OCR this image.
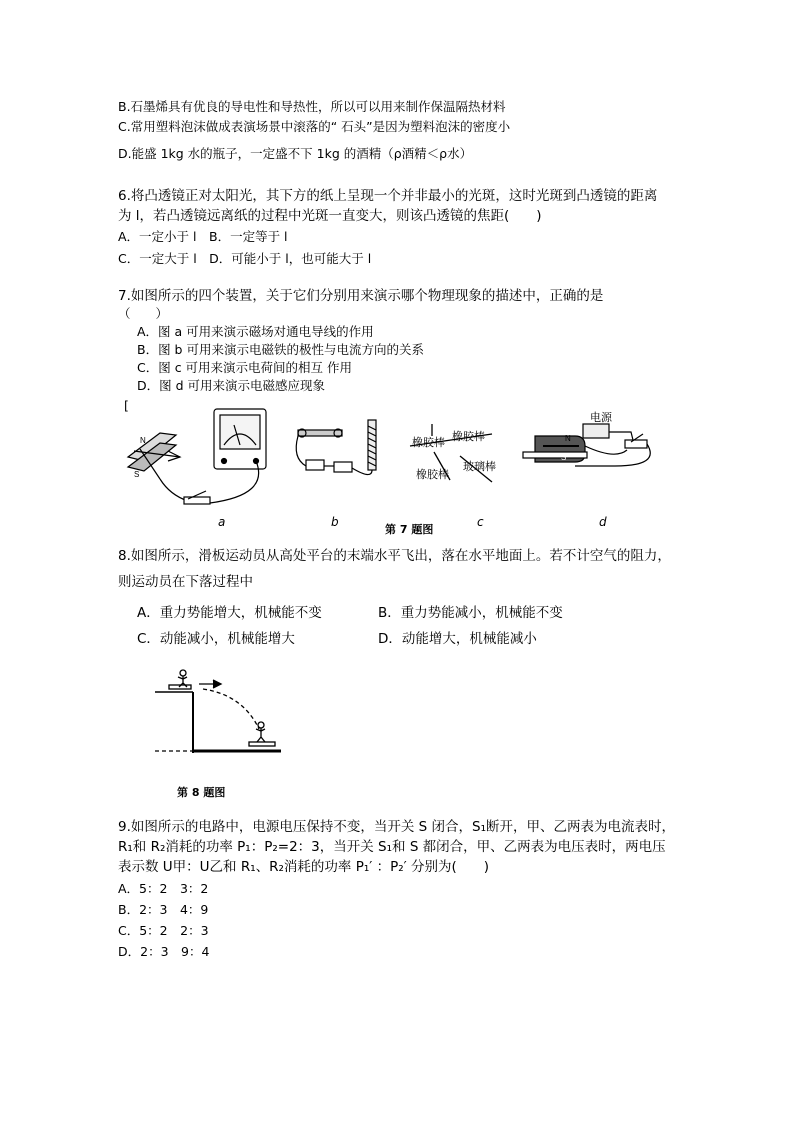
B.石墨烯具有优良的导电性和导热性，所以可以用来制作保温隔热材料
C.常用塑料泡沫做成表演场景中滚落的“ 石头”是因为塑料泡沫的密度小
D.能盛 1kg 水的瓶子，一定盛不下 1kg 的酒精（ρ酒精＜ρ水）
6.将凸透镜正对太阳光，其下方的纸上呈现一个并非最小的光斑，这时光斑到凸透镜的距离
为 l，若凸透镜远离纸的过程中光斑一直变大，则该凸透镜的焦距(　　)
A．一定小于 l　B．一定等于 l
C．一定大于 l　D．可能小于 l，也可能大于 l
7.如图所示的四个装置，关于它们分别用来演示哪个物理现象的描述中，正确的是
（　　）
A．图 a 可用来演示磁场对通电导线的作用
B．图 b 可用来演示电磁铁的极性与电流方向的关系
C．图 c 可用来演示电荷间的相互 作用
D．图 d 可用来演示电磁感应现象
[
N
S
a	b
橡胶棒 橡胶棒
玻璃棒
橡胶棒
c
N
S
电源
d
第 7 题图
8.如图所示，滑板运动员从高处平台的末端水平飞出，落在水平地面上。若不计空气的阻力，
则运动员在下落过程中
A．重力势能增大，机械能不变	B．重力势能减小，机械能不变
C．动能减小，机械能增大	D．动能增大，机械能减小
第 8 题图
9.如图所示的电路中，电源电压保持不变，当开关 S 闭合，S₁断开，甲、乙两表为电流表时，
R₁和 R₂消耗的功率 P₁：P₂=2：3，当开关 S₁和 S 都闭合，甲、乙两表为电压表时，两电压
表示数 U甲：U乙和 R₁、R₂消耗的功率 P₁′ ：P₂′ 分别为(　　)
A．5：2　3：2
B．2：3　4：9
C．5：2　2：3
D．2：3　9：4
